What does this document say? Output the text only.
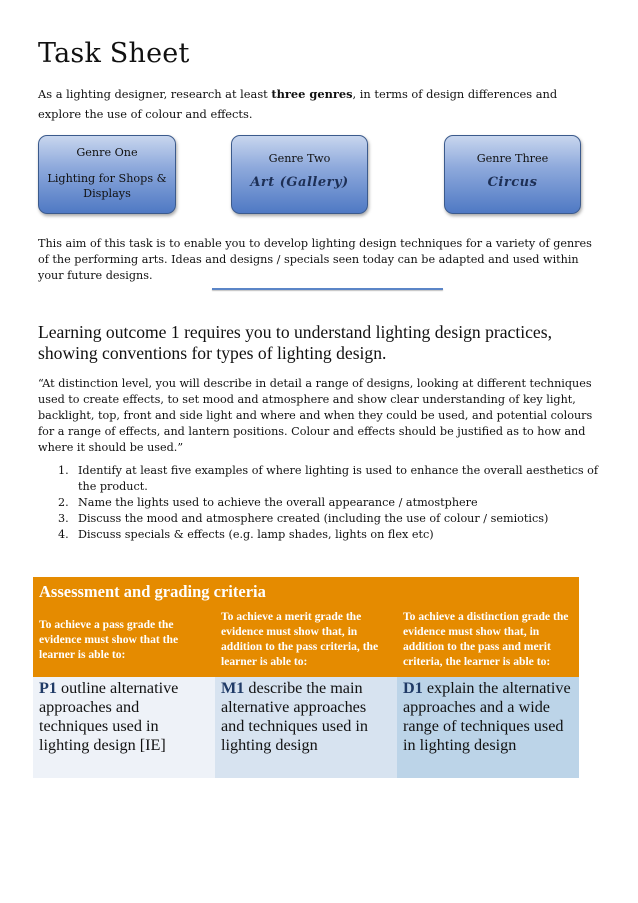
Task Sheet
As a lighting designer, research at least three genres, in terms of design differences and explore the use of colour and effects.
Genre One
Lighting for Shops & Displays
Genre Two
Art (Gallery)
Genre Three
Circus
This aim of this task is to enable you to develop lighting design techniques for a variety of genres of the performing arts. Ideas and designs / specials seen today can be adapted and used within your future designs.
Learning outcome 1 requires you to understand lighting design practices, showing conventions for types of lighting design.
“At distinction level, you will describe in detail a range of designs, looking at different techniques used to create effects, to set mood and atmosphere and show clear understanding of key light, backlight, top, front and side light and where and when they could be used, and potential colours for a range of effects, and lantern positions. Colour and effects should be justified as to how and where it should be used.”
1. Identify at least five examples of where lighting is used to enhance the overall aesthetics of the product.
2. Name the lights used to achieve the overall appearance / atmostphere
3. Discuss the mood and atmosphere created (including the use of colour / semiotics)
4. Discuss specials & effects (e.g. lamp shades, lights on flex etc)
Assessment and grading criteria		
To achieve a pass grade the evidence must show that the learner is able to:	To achieve a merit grade the evidence must show that, in addition to the pass criteria, the learner is able to:	To achieve a distinction grade the evidence must show that, in addition to the pass and merit criteria, the learner is able to:
P1 outline alternative approaches and techniques used in lighting design [IE]	M1 describe the main alternative approaches and techniques used in lighting design	D1 explain the alternative approaches and a wide range of techniques used in lighting design
